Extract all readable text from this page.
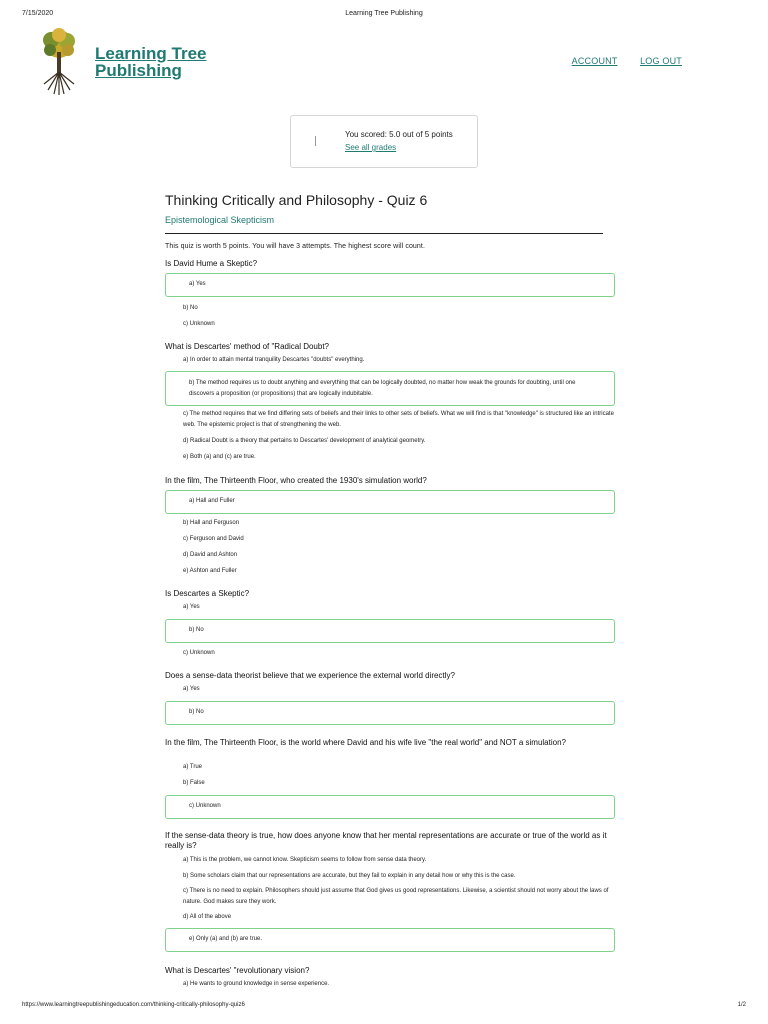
7/15/2020	Learning Tree Publishing
Learning Tree
Publishing	ACCOUNT	LOG OUT
You scored: 5.0 out of 5 points
See all grades
Thinking Critically and Philosophy - Quiz 6
Epistemological Skepticism
This quiz is worth 5 points. You will have 3 attempts. The highest score will count.
Is David Hume a Skeptic?
a) Yes
b) No
c) Unknown
What is Descartes' method of "Radical Doubt?
a) In order to attain mental tranquility Descartes "doubts" everything.
b) The method requires us to doubt anything and everything that can be logically doubted, no matter how weak the grounds for doubting, until one discovers a proposition (or propositions) that are logically indubitable.
c) The method requires that we find differing sets of beliefs and their links to other sets of beliefs. What we will find is that "knowledge" is structured like an intricate web. The epistemic project is that of strengthening the web.
d) Radical Doubt is a theory that pertains to Descartes' development of analytical geometry.
e) Both (a) and (c) are true.
In the film, The Thirteenth Floor, who created the 1930's simulation world?
a) Hall and Fuller
b) Hall and Ferguson
c) Ferguson and David
d) David and Ashton
e) Ashton and Fuller
Is Descartes a Skeptic?
a) Yes
b) No
c) Unknown
Does a sense-data theorist believe that we experience the external world directly?
a) Yes
b) No
In the film, The Thirteenth Floor, is the world where David and his wife live "the real world" and NOT a simulation?
a) True
b) False
c) Unknown
If the sense-data theory is true, how does anyone know that her mental representations are accurate or true of the world as it really is?
a) This is the problem, we cannot know. Skepticism seems to follow from sense data theory.
b) Some scholars claim that our representations are accurate, but they fail to explain in any detail how or why this is the case.
c) There is no need to explain. Philosophers should just assume that God gives us good representations. Likewise, a scientist should not worry about the laws of nature. God makes sure they work.
d) All of the above
e) Only (a) and (b) are true.
What is Descartes' "revolutionary vision?
a) He wants to ground knowledge in sense experience.
https://www.learningtreepublishingeducation.com/thinking-critically-philosophy-quiz6	1/2
